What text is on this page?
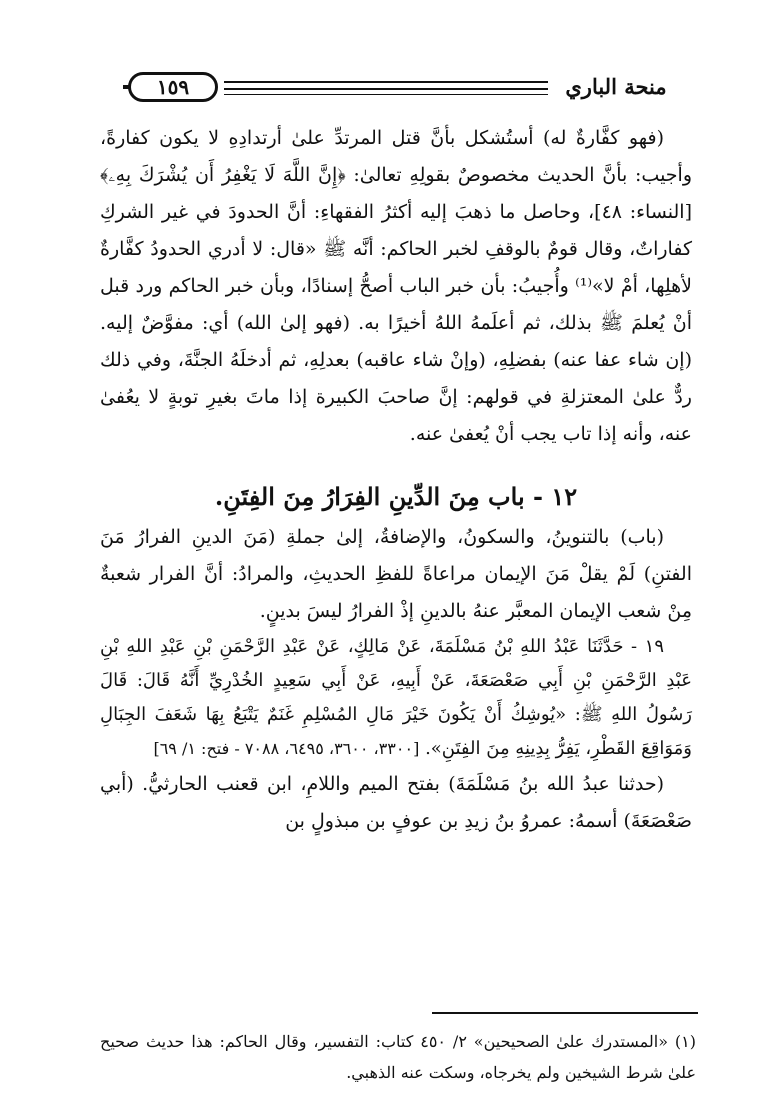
١٥٩	منحة الباري

(فهو كفَّارةٌ له) أستُشكل بأنَّ قتل المرتدِّ علىٰ أرتدادِهِ لا يكون كفارةً، وأجيب: بأنَّ الحديث مخصوصٌ بقولِهِ تعالىٰ: ﴿إِنَّ اللَّهَ لَا يَغْفِرُ أَن يُشْرَكَ بِهِۦ﴾ [النساء: ٤٨]، وحاصل ما ذهبَ إليه أكثرُ الفقهاءِ: أنَّ الحدودَ في غير الشركِ كفاراتٌ، وقال قومٌ بالوقفِ لخبر الحاكم: أنَّه ﷺ «قال: لا أدري الحدودُ كفَّارةٌ لأهلِها، أمْ لا»⁽¹⁾ وأُجيبُ: بأن خبر الباب أصحُّ إسنادًا، وبأن خبر الحاكم ورد قبل أنْ يُعلمَ ﷺ بذلك، ثم أعلَمهُ اللهُ أخيرًا به. (فهو إلىٰ الله) أي: مفوَّضٌ إليه. (إن شاء عفا عنه) بفضلِهِ، (وإنْ شاء عاقبه) بعدلِهِ، ثم أدخلَهُ الجنَّةَ، وفي ذلك ردٌّ علىٰ المعتزلةِ في قولهم: إنَّ صاحبَ الكبيرة إذا ماتَ بغيرِ توبةٍ لا يعُفىٰ عنه، وأنه إذا تاب يجب أنْ يُعفىٰ عنه.

١٢ - باب مِنَ الدِّينِ الفِرَارُ مِنَ الفِتَنِ.

(باب) بالتنوينُ، والسكونُ، والإضافةُ، إلىٰ جملةِ (مَنَ الدينِ الفرارُ مَنَ الفتنِ) لَمْ يقلْ مَنَ الإيمان مراعاةً للفظِ الحديثِ، والمرادُ: أنَّ الفرار شعبةٌ مِنْ شعب الإيمان المعبَّر عنهُ بالدينِ إذْ الفرارُ ليسَ بدينٍ.

١٩ - حَدَّثَنَا عَبْدُ اللهِ بْنُ مَسْلَمَةَ، عَنْ مَالِكٍ، عَنْ عَبْدِ الرَّحْمَنِ بْنِ عَبْدِ اللهِ بْنِ عَبْدِ الرَّحْمَنِ بْنِ أَبِي صَعْصَعَةَ، عَنْ أَبِيهِ، عَنْ أَبِي سَعِيدٍ الخُدْرِيِّ أَنَّهُ قَالَ: قَالَ رَسُولُ اللهِ ﷺ: «يُوشِكُ أَنْ يَكُونَ خَيْرَ مَالِ المُسْلِمِ غَنَمٌ يَتْبَعُ بِهَا شَعَفَ الجِبَالِ وَمَوَاقِعَ القَطْرِ، يَفِرُّ بِدِينِهِ مِنَ الفِتَنِ». [٣٣٠٠، ٣٦٠٠، ٦٤٩٥، ٧٠٨٨ - فتح: ١/ ٦٩]

(حدثنا عبدُ الله بنُ مَسْلَمَةَ) بفتح الميم واللامِ، ابن قعنب الحارثيُّ. (أبي صَعْصَعَةَ) أسمهُ: عمروُ بنُ زيدِ بن عوفٍ بن مبذولٍ بن

(١) «المستدرك علىٰ الصحيحين» ٢/ ٤٥٠ كتاب: التفسير، وقال الحاكم: هذا حديث صحيح علىٰ شرط الشيخين ولم يخرجاه، وسكت عنه الذهبي.
